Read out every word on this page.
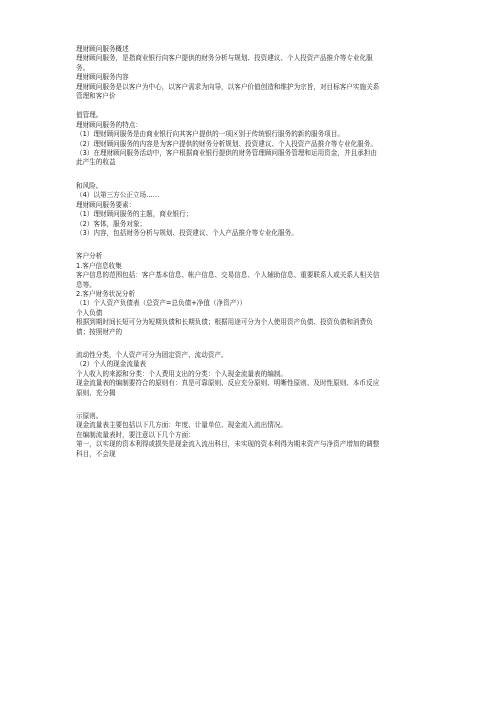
理财顾问服务概述
理财顾问服务，是指商业银行向客户提供的财务分析与规划、投资建议、个人投资产品推介等专业化服
务。
理财顾问服务内容
理财顾问服务是以客户为中心，以客户需求为向导，以客户价值创造和维护为宗旨，对目标客户实施关系
管理和客户价
值管理。
理财顾问服务的特点：
（1）理财顾问服务是由商业银行向其客户提供的一项区别于传统银行服务的新的服务项目。
（2）理财顾问服务的内容是为客户提供的财务分析规划、投资建议、个人投资产品推介等专业化服务。
（3）在理财顾问服务活动中，客户根据商业银行提供的财务管理顾问服务管理和运用资金，并且承担由
此产生的收益
和风险。
（4）以第三方公正立场……
理财顾问服务要素：
（1）理财顾问服务的主题，商业银行；
（2）客体，服务对象；
（3）内容，包括财务分析与规划、投资建议、个人产品推介等专业化服务。
客户分析
1.客户信息收集
客户信息的范围包括：客户基本信息、帐户信息、交易信息、个人辅助信息、重要联系人或关系人相关信
息等。
2.客户财务状况分析
（1）个人资产负债表（总资产=总负债+净值（净资产））
个人负债
根据到期时间长短可分为短期负债和长期负债；根据用途可分为个人使用资产负债、投资负债和消费负
债；按照财产的
流动性分类，个人资产可分为固定资产、流动资产。
（2）个人的现金流量表
个人收入的来源和分类：个人费用支出的分类：个人现金流量表的编制。
现金流量表的编制要符合的原则有：真是可靠原则、反应充分原则、明晰性原则、及时性原则、本币反应
原则、充分揭
示原则。
现金流量表主要包括以下几方面：年度、计量单位、现金流入流出情况。
在编制流量表时，要注意以下几个方面：
第一，以实现的资本利得或损失是现金流入流出科目，未实现的资本利得为期末资产与净资产增加的调整
科目，不会现
